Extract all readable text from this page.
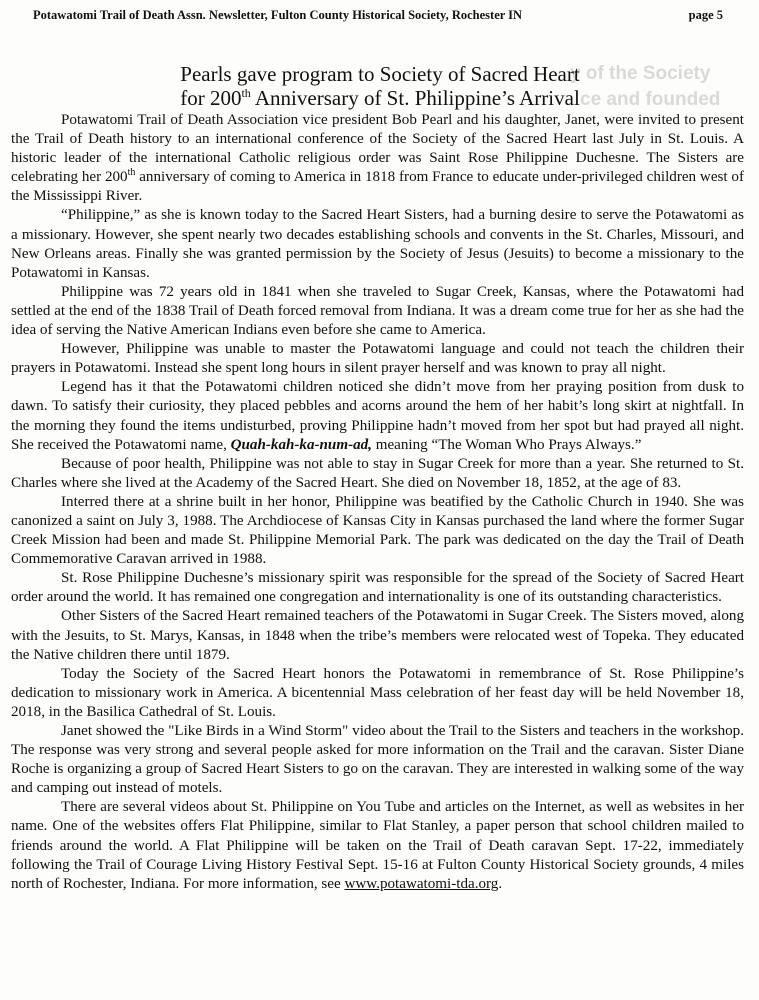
y of the Society
ce and founded
Potawatomi Trail of Death Assn. Newsletter, Fulton County Historical Society, Rochester IN	page 5
Pearls gave program to Society of Sacred Heart
for 200th Anniversary of St. Philippine’s Arrival

Potawatomi Trail of Death Association vice president Bob Pearl and his daughter, Janet, were invited to present the Trail of Death history to an international conference of the Society of the Sacred Heart last July in St. Louis. A historic leader of the international Catholic religious order was Saint Rose Philippine Duchesne. The Sisters are celebrating her 200th anniversary of coming to America in 1818 from France to educate under-privileged children west of the Mississippi River.

“Philippine,” as she is known today to the Sacred Heart Sisters, had a burning desire to serve the Potawatomi as a missionary. However, she spent nearly two decades establishing schools and convents in the St. Charles, Missouri, and New Orleans areas. Finally she was granted permission by the Society of Jesus (Jesuits) to become a missionary to the Potawatomi in Kansas.

Philippine was 72 years old in 1841 when she traveled to Sugar Creek, Kansas, where the Potawatomi had settled at the end of the 1838 Trail of Death forced removal from Indiana. It was a dream come true for her as she had the idea of serving the Native American Indians even before she came to America.

However, Philippine was unable to master the Potawatomi language and could not teach the children their prayers in Potawatomi. Instead she spent long hours in silent prayer herself and was known to pray all night.

Legend has it that the Potawatomi children noticed she didn’t move from her praying position from dusk to dawn. To satisfy their curiosity, they placed pebbles and acorns around the hem of her habit’s long skirt at nightfall. In the morning they found the items undisturbed, proving Philippine hadn’t moved from her spot but had prayed all night. She received the Potawatomi name, Quah-kah-ka-num-ad, meaning “The Woman Who Prays Always.”

Because of poor health, Philippine was not able to stay in Sugar Creek for more than a year. She returned to St. Charles where she lived at the Academy of the Sacred Heart. She died on November 18, 1852, at the age of 83.

Interred there at a shrine built in her honor, Philippine was beatified by the Catholic Church in 1940. She was canonized a saint on July 3, 1988. The Archdiocese of Kansas City in Kansas purchased the land where the former Sugar Creek Mission had been and made St. Philippine Memorial Park. The park was dedicated on the day the Trail of Death Commemorative Caravan arrived in 1988.

St. Rose Philippine Duchesne’s missionary spirit was responsible for the spread of the Society of Sacred Heart order around the world. It has remained one congregation and internationality is one of its outstanding characteristics.

Other Sisters of the Sacred Heart remained teachers of the Potawatomi in Sugar Creek. The Sisters moved, along with the Jesuits, to St. Marys, Kansas, in 1848 when the tribe’s members were relocated west of Topeka. They educated the Native children there until 1879.

Today the Society of the Sacred Heart honors the Potawatomi in remembrance of St. Rose Philippine’s dedication to missionary work in America. A bicentennial Mass celebration of her feast day will be held November 18, 2018, in the Basilica Cathedral of St. Louis.

Janet showed the "Like Birds in a Wind Storm" video about the Trail to the Sisters and teachers in the workshop. The response was very strong and several people asked for more information on the Trail and the caravan. Sister Diane Roche is organizing a group of Sacred Heart Sisters to go on the caravan. They are interested in walking some of the way and camping out instead of motels.

There are several videos about St. Philippine on You Tube and articles on the Internet, as well as websites in her name. One of the websites offers Flat Philippine, similar to Flat Stanley, a paper person that school children mailed to friends around the world. A Flat Philippine will be taken on the Trail of Death caravan Sept. 17-22, immediately following the Trail of Courage Living History Festival Sept. 15-16 at Fulton County Historical Society grounds, 4 miles north of Rochester, Indiana. For more information, see www.potawatomi-tda.org.
